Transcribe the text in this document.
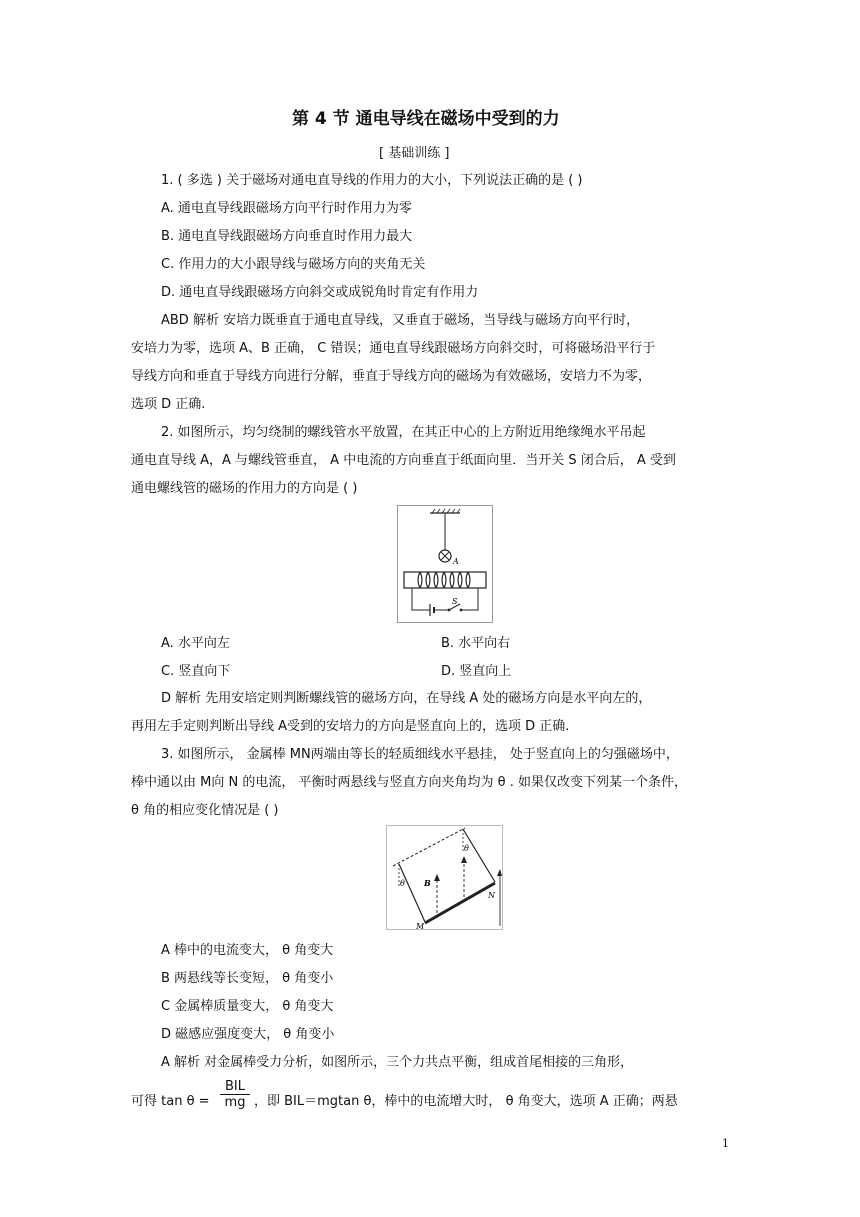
第 4 节 通电导线在磁场中受到的力
[ 基础训练 ]
1. ( 多选 ) 关于磁场对通电直导线的作用力的大小，下列说法正确的是 ( )
A. 通电直导线跟磁场方向平行时作用力为零
B. 通电直导线跟磁场方向垂直时作用力最大
C. 作用力的大小跟导线与磁场方向的夹角无关
D. 通电直导线跟磁场方向斜交或成锐角时肯定有作用力
ABD 解析 安培力既垂直于通电直导线，又垂直于磁场，当导线与磁场方向平行时，
安培力为零，选项 A、B 正确， C 错误；通电直导线跟磁场方向斜交时，可将磁场沿平行于
导线方向和垂直于导线方向进行分解，垂直于导线方向的磁场为有效磁场，安培力不为零，
选项 D 正确.
2. 如图所示，均匀绕制的螺线管水平放置，在其正中心的上方附近用绝缘绳水平吊起
通电直导线 A，A 与螺线管垂直， A 中电流的方向垂直于纸面向里．当开关 S 闭合后， A 受到
通电螺线管的磁场的作用力的方向是 ( )
A
S
A. 水平向左	B. 水平向右
C. 竖直向下	D. 竖直向上
D 解析 先用安培定则判断螺线管的磁场方向，在导线 A 处的磁场方向是水平向左的，
再用左手定则判断出导线 A受到的安培力的方向是竖直向上的，选项 D 正确.
3. 如图所示， 金属棒 MN两端由等长的轻质细线水平悬挂， 处于竖直向上的匀强磁场中，
棒中通以由 M向 N 的电流， 平衡时两悬线与竖直方向夹角均为 θ . 如果仅改变下列某一个条件，
θ 角的相应变化情况是 ( )
θ
θ
B
M
N
A 棒中的电流变大， θ 角变大
B 两悬线等长变短， θ 角变小
C 金属棒质量变大， θ 角变大
D 磁感应强度变大， θ 角变小
A 解析 对金属棒受力分析，如图所示，三个力共点平衡，组成首尾相接的三角形，
可得 tan θ =
BIL
mg ，即 BIL＝mgtan θ，棒中的电流增大时， θ 角变大，选项 A 正确；两悬
1
